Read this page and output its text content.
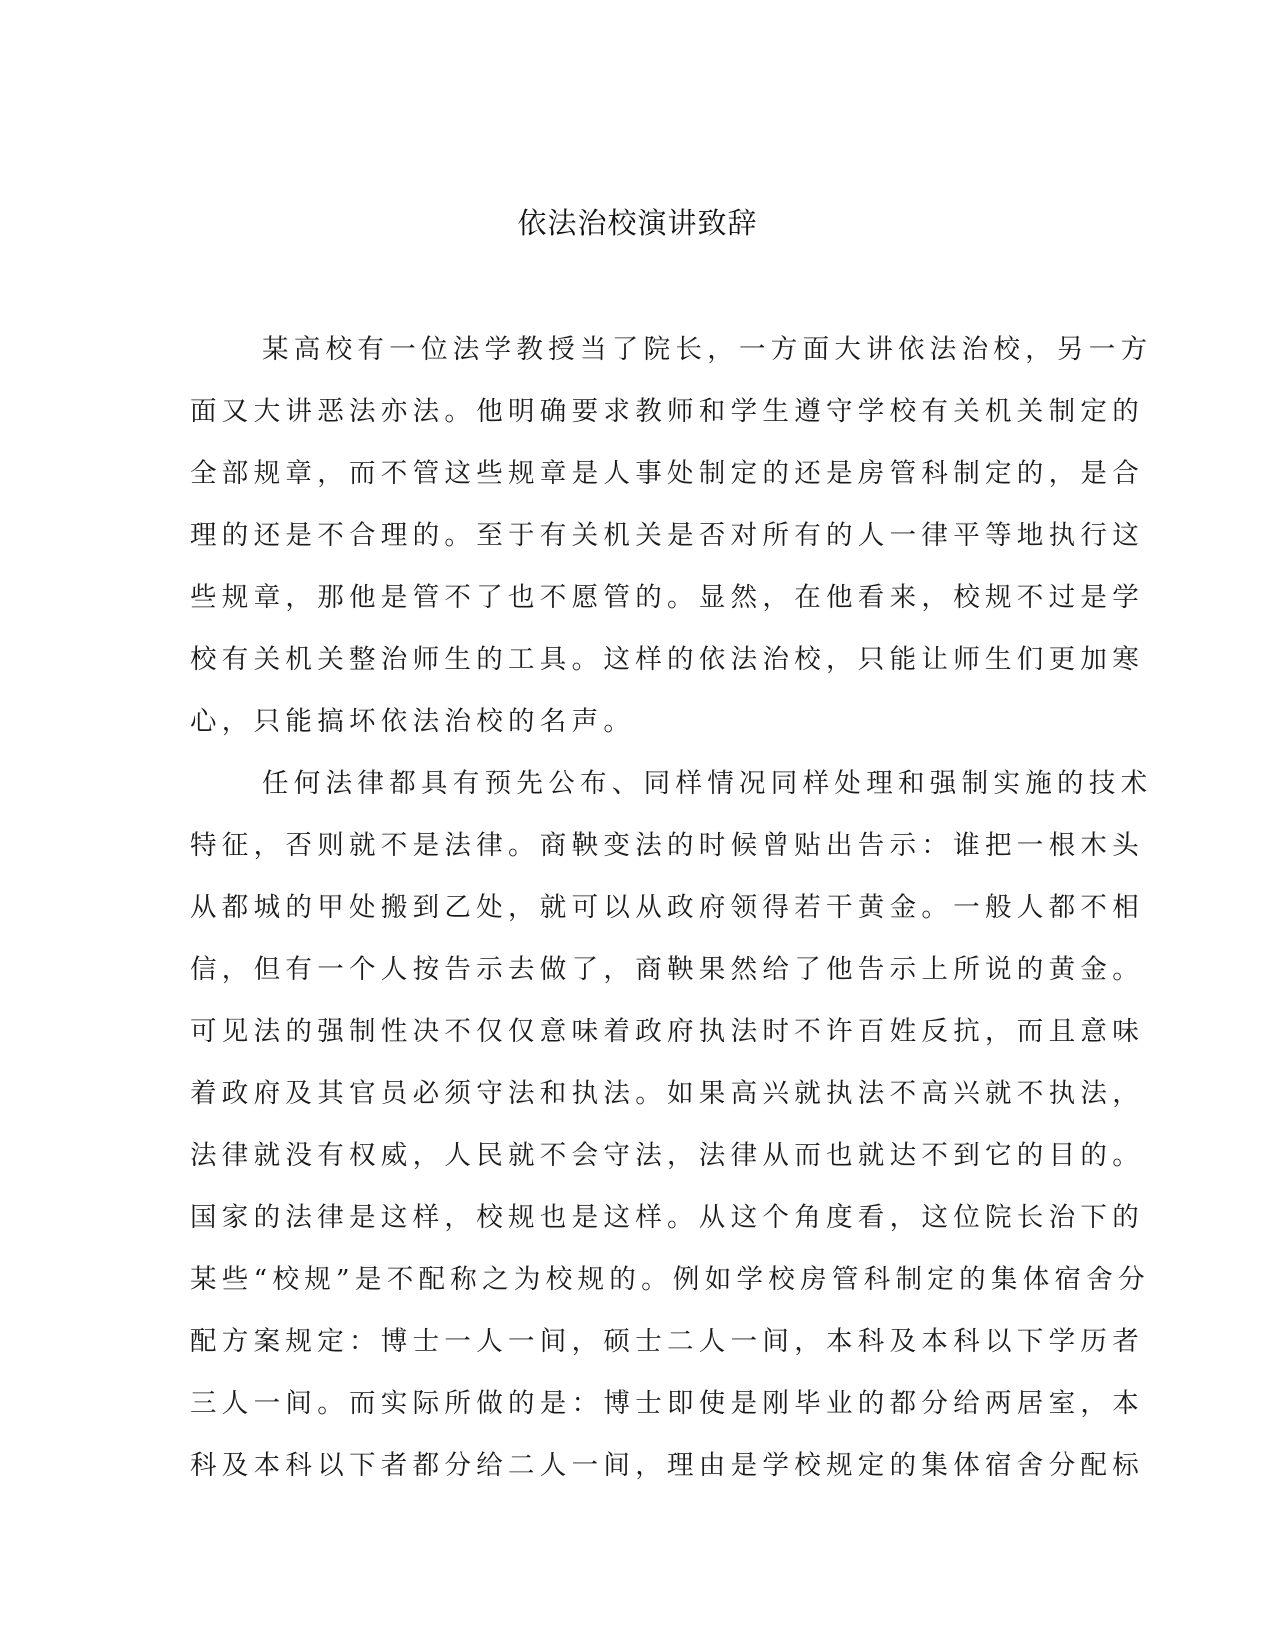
依法治校演讲致辞
某高校有一位法学教授当了院长，一方面大讲依法治校，另一方
面又大讲恶法亦法。他明确要求教师和学生遵守学校有关机关制定的
全部规章，而不管这些规章是人事处制定的还是房管科制定的，是合
理的还是不合理的。至于有关机关是否对所有的人一律平等地执行这
些规章，那他是管不了也不愿管的。显然，在他看来，校规不过是学
校有关机关整治师生的工具。这样的依法治校，只能让师生们更加寒
心，只能搞坏依法治校的名声。
任何法律都具有预先公布、同样情况同样处理和强制实施的技术
特征，否则就不是法律。商鞅变法的时候曾贴出告示：谁把一根木头
从都城的甲处搬到乙处，就可以从政府领得若干黄金。一般人都不相
信，但有一个人按告示去做了，商鞅果然给了他告示上所说的黄金。
可见法的强制性决不仅仅意味着政府执法时不许百姓反抗，而且意味
着政府及其官员必须守法和执法。如果高兴就执法不高兴就不执法，
法律就没有权威，人民就不会守法，法律从而也就达不到它的目的。
国家的法律是这样，校规也是这样。从这个角度看，这位院长治下的
某些“校规”是不配称之为校规的。例如学校房管科制定的集体宿舍分
配方案规定：博士一人一间，硕士二人一间，本科及本科以下学历者
三人一间。而实际所做的是：博士即使是刚毕业的都分给两居室，本
科及本科以下者都分给二人一间，理由是学校规定的集体宿舍分配标
